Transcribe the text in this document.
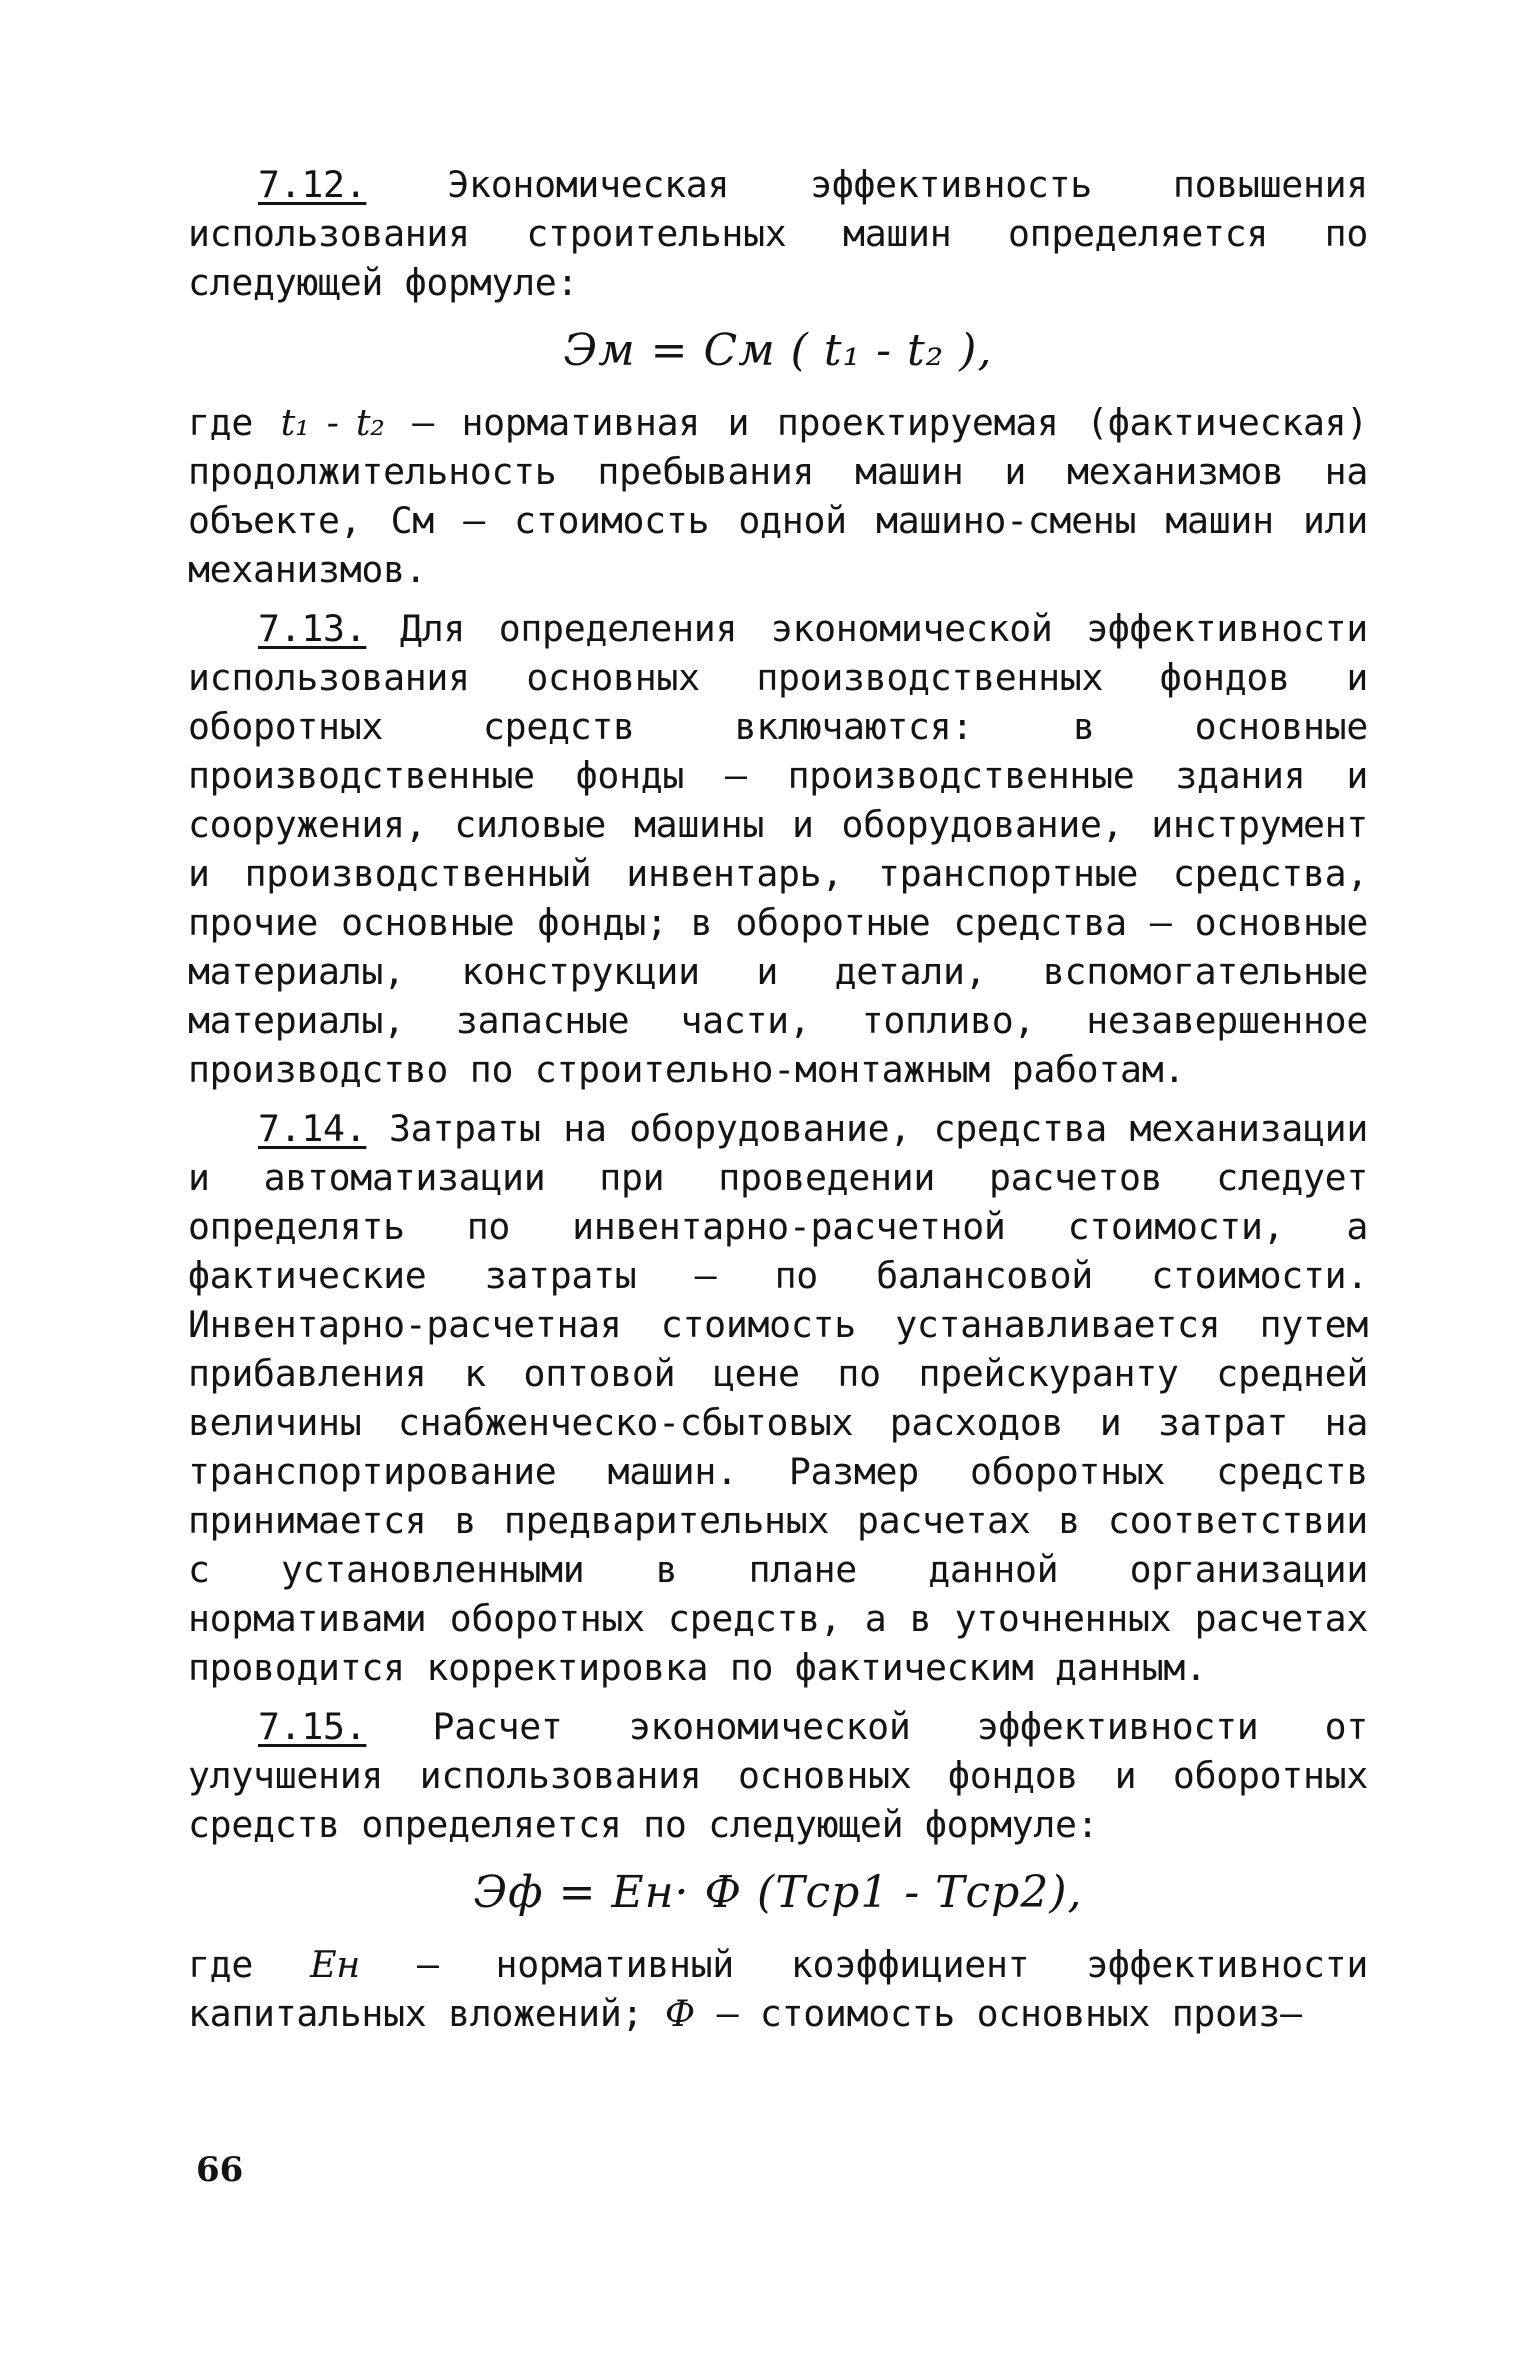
7.12. Экономическая эффективность повышения использования строительных машин определяется по следующей формуле:

Эм = См ( t₁ - t₂ ),

где t₁ - t₂ – нормативная и проектируемая (фактическая) продолжительность пребывания машин и механизмов на объекте, См – стоимость одной машино-смены машин или механизмов.

7.13. Для определения экономической эффективности использования основных производственных фондов и оборотных средств включаются: в основные производственные фонды – производственные здания и сооружения, силовые машины и оборудование, инструмент и производственный инвентарь, транспортные средства, прочие основные фонды; в оборотные средства – основные материалы, конструкции и детали, вспомогательные материалы, запасные части, топливо, незавершенное производство по строительно-монтажным работам.

7.14. Затраты на оборудование, средства механизации и автоматизации при проведении расчетов следует определять по инвентарно-расчетной стоимости, а фактические затраты – по балансовой стоимости. Инвентарно-расчетная стоимость устанавливается путем прибавления к оптовой цене по прейскуранту средней величины снабженческо-сбытовых расходов и затрат на транспортирование машин. Размер оборотных средств принимается в предварительных расчетах в соответствии с установленными в плане данной организации нормативами оборотных средств, а в уточненных расчетах проводится корректировка по фактическим данным.

7.15. Расчет экономической эффективности от улучшения использования основных фондов и оборотных средств определяется по следующей формуле:

Эф = Ен· Ф (Тср1 - Тср2),

где Ен – нормативный коэффициент эффективности капитальных вложений; Ф – стоимость основных произ–

66
